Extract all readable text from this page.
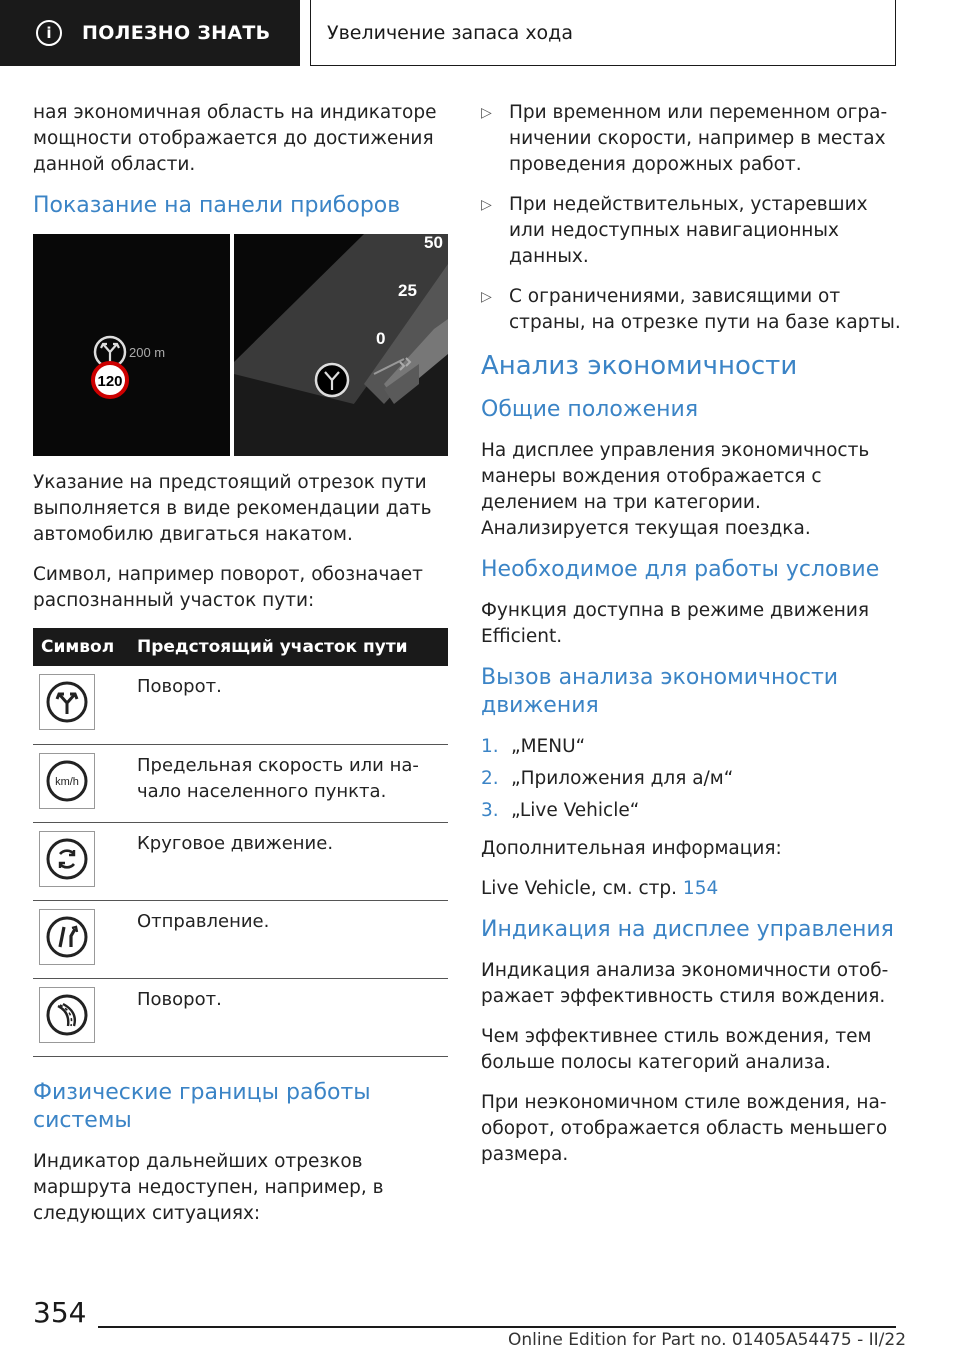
i	ПОЛЕЗНО ЗНАТЬ	Увеличение запаса хода

ная экономичная область на индикаторе мощности отображается до достижения данной области.

Показание на панели приборов
120
200 m
50
25
0

Указание на предстоящий отрезок пути выполняется в виде рекомендации дать автомобилю двигаться накатом.

Символ, например поворот, обозначает распознанный участок пути:

Символ	Предстоящий участок пути

	Поворот.

km/h	Предельная скорость или начало населенного пункта.

	Круговое движение.

	Отправление.

	Поворот.
Физические границы работы системы

Индикатор дальнейших отрезков маршрута недоступен, например, в следующих ситуациях:

▷ При временном или переменном ограничении скорости, например в местах проведения дорожных работ.
▷ При недействительных, устаревших или недоступных навигационных данных.
▷ С ограничениями, зависящими от страны, на отрезке пути на базе карты.
Анализ экономичности
Общие положения

На дисплее управления экономичность манеры вождения отображается с делением на три категории. Анализируется текущая поездка.

Необходимое для работы условие

Функция доступна в режиме движения Efficient.

Вызов анализа экономичности движения
1. „MENU“
2. „Приложения для а/м“
3. „Live Vehicle“

Дополнительная информация:

Live Vehicle, см. стр. 154

Индикация на дисплее управления

Индикация анализа экономичности отображает эффективность стиля вождения.

Чем эффективнее стиль вождения, тем больше полосы категорий анализа.

При неэкономичном стиле вождения, наоборот, отображается область меньшего размера.

354
Online Edition for Part no. 01405A54475 - II/22
